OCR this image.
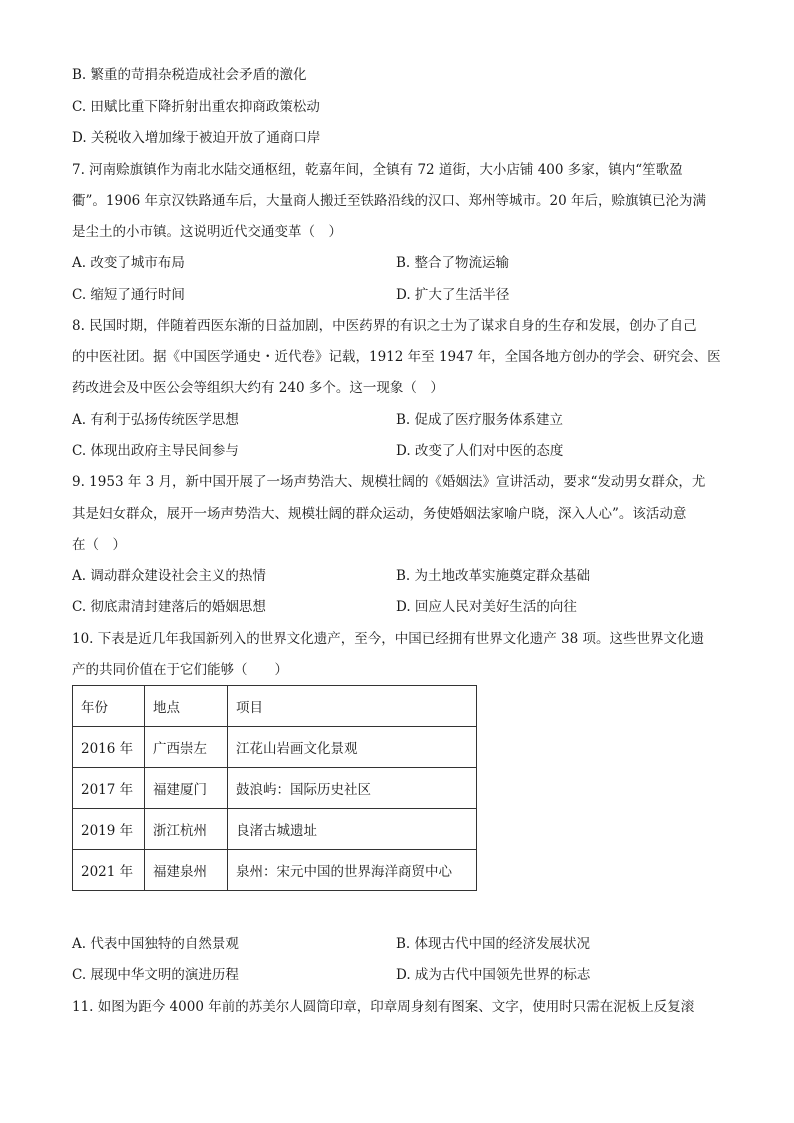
B. 繁重的苛捐杂税造成社会矛盾的激化
C. 田赋比重下降折射出重农抑商政策松动
D. 关税收入增加缘于被迫开放了通商口岸
7. 河南赊旗镇作为南北水陆交通枢纽，乾嘉年间，全镇有 72 道街，大小店铺 400 多家，镇内“笙歌盈
衢”。1906 年京汉铁路通车后，大量商人搬迁至铁路沿线的汉口、郑州等城市。20 年后，赊旗镇已沦为满
是尘土的小市镇。这说明近代交通变革（　）
A. 改变了城市布局	B. 整合了物流运输
C. 缩短了通行时间	D. 扩大了生活半径
8. 民国时期，伴随着西医东渐的日益加剧，中医药界的有识之士为了谋求自身的生存和发展，创办了自己
的中医社团。据《中国医学通史・近代卷》记载，1912 年至 1947 年，全国各地方创办的学会、研究会、医
药改进会及中医公会等组织大约有 240 多个。这一现象（　）
A. 有利于弘扬传统医学思想	B. 促成了医疗服务体系建立
C. 体现出政府主导民间参与	D. 改变了人们对中医的态度
9. 1953 年 3 月，新中国开展了一场声势浩大、规模壮阔的《婚姻法》宣讲活动，要求“发动男女群众，尤
其是妇女群众，展开一场声势浩大、规模壮阔的群众运动，务使婚姻法家喻户晓，深入人心”。该活动意
在（　）
A. 调动群众建设社会主义的热情	B. 为土地改革实施奠定群众基础
C. 彻底肃清封建落后的婚姻思想	D. 回应人民对美好生活的向往
10. 下表是近几年我国新列入的世界文化遗产，至今，中国已经拥有世界文化遗产 38 项。这些世界文化遗
产的共同价值在于它们能够（　　）
年份	地点	项目
2016 年	广西崇左	江花山岩画文化景观
2017 年	福建厦门	鼓浪屿：国际历史社区
2019 年	浙江杭州	良渚古城遗址
2021 年	福建泉州	泉州：宋元中国的世界海洋商贸中心
A. 代表中国独特的自然景观	B. 体现古代中国的经济发展状况
C. 展现中华文明的演进历程	D. 成为古代中国领先世界的标志
11. 如图为距今 4000 年前的苏美尔人圆筒印章，印章周身刻有图案、文字，使用时只需在泥板上反复滚
